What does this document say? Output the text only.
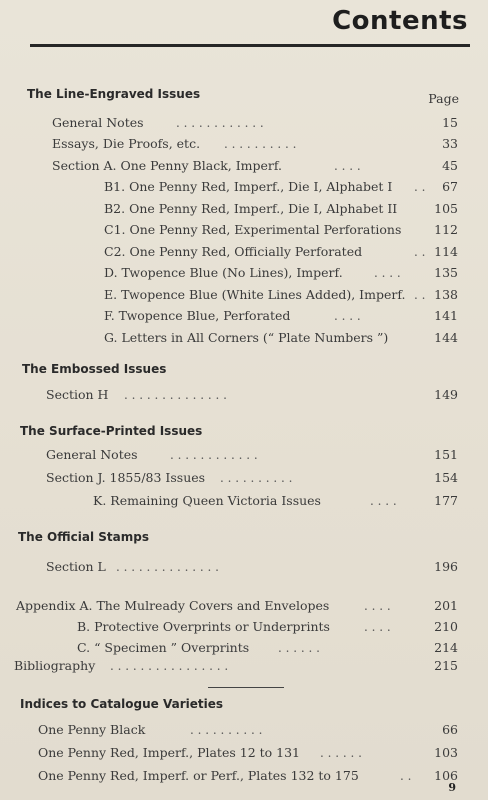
Contents
The Line-Engraved Issues	Page
General Notes	. . . . . . . . . . . .	15
Essays, Die Proofs, etc. . . . . . . . . . .	33
Section A. One Penny Black, Imperf.	. . . .	45
B1. One Penny Red, Imperf., Die I, Alphabet I . . 67
B2. One Penny Red, Imperf., Die I, Alphabet II	105
C1. One Penny Red, Experimental Perforations	112
C2. One Penny Red, Officially Perforated	. . 114
D. Twopence Blue (No Lines), Imperf.	. . . .	135
E. Twopence Blue (White Lines Added), Imperf. . . 138
F. Twopence Blue, Perforated	. . . .	141
G. Letters in All Corners (“ Plate Numbers ”)	144
The Embossed Issues
Section H . . . . . . . . . . . . . .	149
The Surface-Printed Issues
General Notes	. . . . . . . . . . . .	151
Section J. 1855/83 Issues . . . . . . . . . .	154
K. Remaining Queen Victoria Issues	. . . .	177
The Official Stamps
Section L . . . . . . . . . . . . . .	196
Appendix A. The Mulready Covers and Envelopes	. . . .	201
B. Protective Overprints or Underprints	. . . .	210
C. “ Specimen ” Overprints . . . . . .	214
Bibliography . . . . . . . . . . . . . . . .	215
Indices to Catalogue Varieties
One Penny Black	. . . . . . . . . .	66
One Penny Red, Imperf., Plates 12 to 131 . . . . . .	103
One Penny Red, Imperf. or Perf., Plates 132 to 175	. . 106
9
